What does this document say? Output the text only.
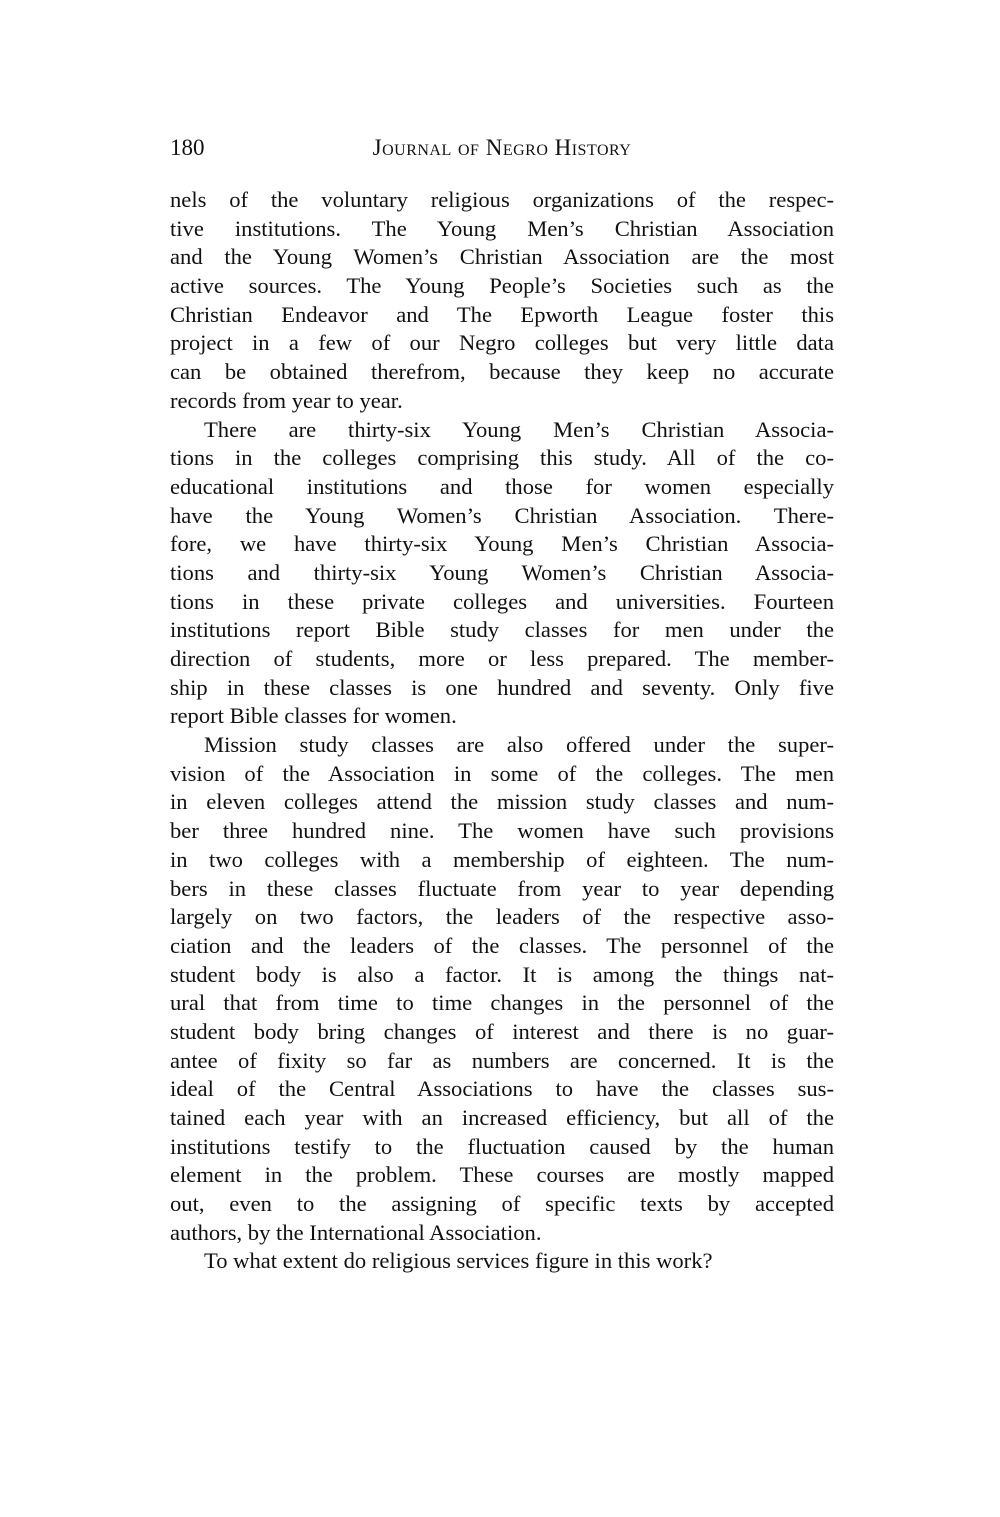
180	Journal of Negro History
nels of the voluntary religious organizations of the respec-
tive institutions. The Young Men’s Christian Association
and the Young Women’s Christian Association are the most
active sources. The Young People’s Societies such as the
Christian Endeavor and The Epworth League foster this
project in a few of our Negro colleges but very little data
can be obtained therefrom, because they keep no accurate
records from year to year.
There are thirty-six Young Men’s Christian Associa-
tions in the colleges comprising this study. All of the co-
educational institutions and those for women especially
have the Young Women’s Christian Association. There-
fore, we have thirty-six Young Men’s Christian Associa-
tions and thirty-six Young Women’s Christian Associa-
tions in these private colleges and universities. Fourteen
institutions report Bible study classes for men under the
direction of students, more or less prepared. The member-
ship in these classes is one hundred and seventy. Only five
report Bible classes for women.
Mission study classes are also offered under the super-
vision of the Association in some of the colleges. The men
in eleven colleges attend the mission study classes and num-
ber three hundred nine. The women have such provisions
in two colleges with a membership of eighteen. The num-
bers in these classes fluctuate from year to year depending
largely on two factors, the leaders of the respective asso-
ciation and the leaders of the classes. The personnel of the
student body is also a factor. It is among the things nat-
ural that from time to time changes in the personnel of the
student body bring changes of interest and there is no guar-
antee of fixity so far as numbers are concerned. It is the
ideal of the Central Associations to have the classes sus-
tained each year with an increased efficiency, but all of the
institutions testify to the fluctuation caused by the human
element in the problem. These courses are mostly mapped
out, even to the assigning of specific texts by accepted
authors, by the International Association.
To what extent do religious services figure in this work?
